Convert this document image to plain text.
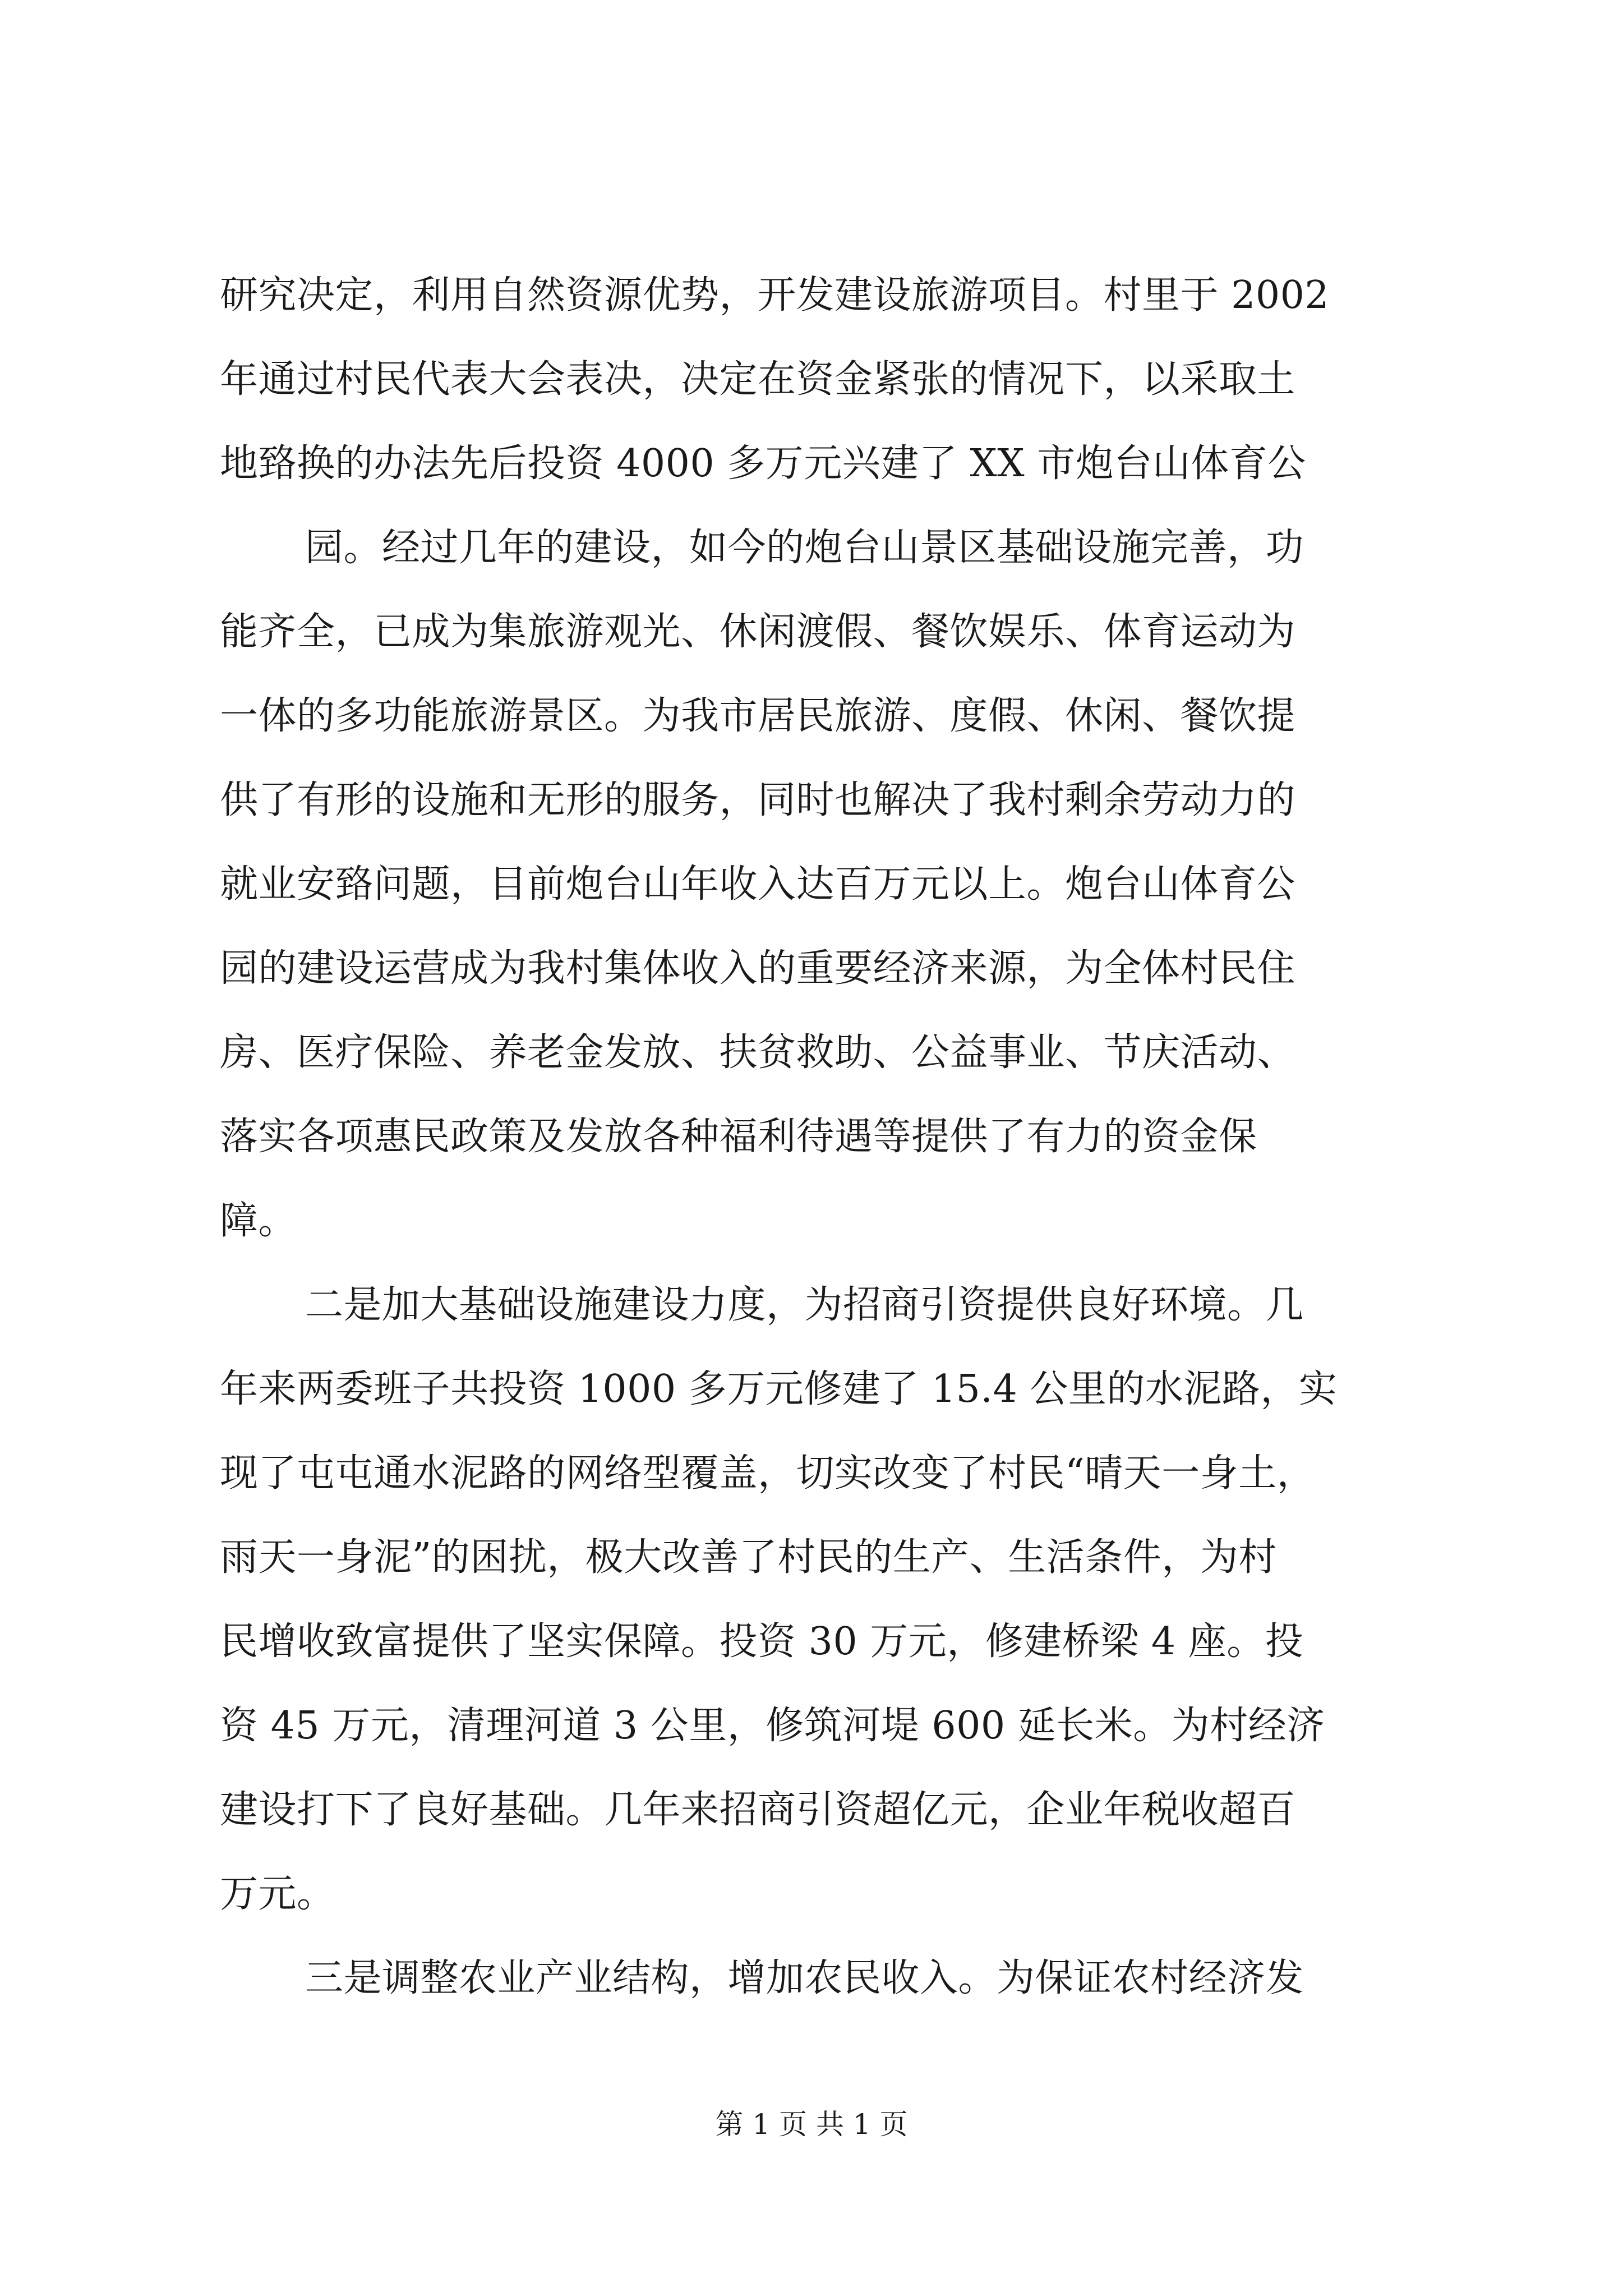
研究决定，利用自然资源优势，开发建设旅游项目。村里于 2002
年通过村民代表大会表决，决定在资金紧张的情况下，以采取土
地臵换的办法先后投资 4000 多万元兴建了 XX 市炮台山体育公
园。经过几年的建设，如今的炮台山景区基础设施完善，功
能齐全，已成为集旅游观光、休闲渡假、餐饮娱乐、体育运动为
一体的多功能旅游景区。为我市居民旅游、度假、休闲、餐饮提
供了有形的设施和无形的服务，同时也解决了我村剩余劳动力的
就业安臵问题，目前炮台山年收入达百万元以上。炮台山体育公
园的建设运营成为我村集体收入的重要经济来源，为全体村民住
房、医疗保险、养老金发放、扶贫救助、公益事业、节庆活动、
落实各项惠民政策及发放各种福利待遇等提供了有力的资金保
障。
二是加大基础设施建设力度，为招商引资提供良好环境。几
年来两委班子共投资 1000 多万元修建了 15.4 公里的水泥路，实
现了屯屯通水泥路的网络型覆盖，切实改变了村民“晴天一身土，
雨天一身泥”的困扰，极大改善了村民的生产、生活条件，为村
民增收致富提供了坚实保障。投资 30 万元，修建桥梁 4 座。投
资 45 万元，清理河道 3 公里，修筑河堤 600 延长米。为村经济
建设打下了良好基础。几年来招商引资超亿元，企业年税收超百
万元。
三是调整农业产业结构，增加农民收入。为保证农村经济发
第 1 页 共 1 页
